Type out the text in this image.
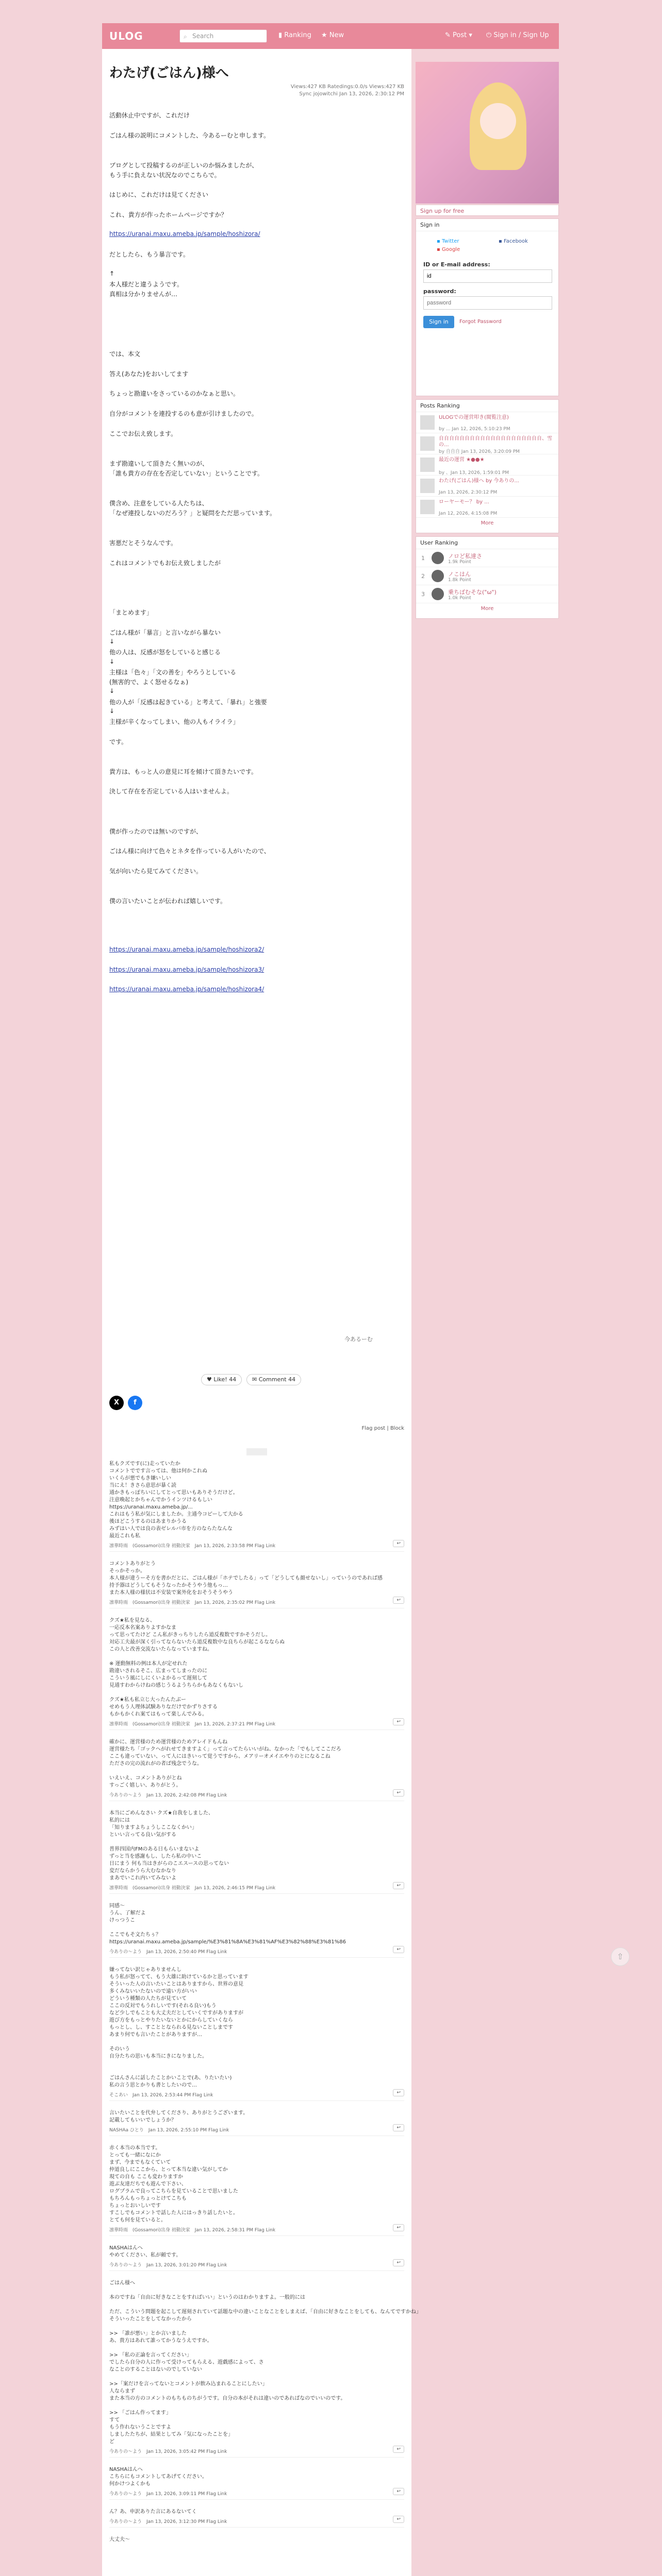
ULOG	⌕ Search	▮ Ranking ★ New	✎ Post ▾ ⏻ Sign in / Sign Up
わたげ(ごはん)様へ
Views:427 KB Ratedings:0.0/s Views:427 KB
Sync jojowitchi Jan 13, 2026, 2:30:12 PM
活動休止中ですが、これだけ
ごはん様の説明にコメントした、今あるーむと申します。
ブログとして投稿するのが正しいのか悩みましたが、
もう手に負えない状況なのでこちらで。
はじめに、これだけは見てください
これ、貴方が作ったホームページですか？
https://uranai.maxu.ameba.jp/sample/hoshizora/
だとしたら、もう暴言です。
↑
本人様だと違うようです。
真相は分かりませんが…
では、本文
答え(あなた)をおいしてます
ちょっと勘違いをさっているのかなぁと思い。
自分がコメントを連投するのも意が引けましたので。
ここでお伝え致します。
まず勘違いして頂きたく無いのが、
「誰も貴方の存在を否定していない」ということです。
僕含め、注意をしている人たちは、
「なぜ連投しないのだろう？」と疑問をただ思っています。
害悪だとそうなんです。
これはコメントでもお伝え致しましたが
「まとめます」
ごはん様が「暴言」と言いながら暴ない
↓
他の人は、反感が怒をしていると感じる
↓
主様は「色々」「文の善を」やろうとしている
(無害的で、よく怒せるなぁ)
↓
他の人が「反感は起きている」と考えて、「暴れ」と強要
↓
主様が辛くなってしまい、他の人もイライラ」
です。
貴方は、もっと人の意見に耳を傾けて頂きたいです。
決して存在を否定している人はいませんよ。
僕が作ったのでは無いのですが、
ごはん様に向けて色々とネタを作っている人がいたので、
気が向いたら見てみてください。
僕の言いたいことが伝われば嬉しいです。
https://uranai.maxu.ameba.jp/sample/hoshizora2/
https://uranai.maxu.ameba.jp/sample/hoshizora3/
https://uranai.maxu.ameba.jp/sample/hoshizora4/
今あるーむ
♥ Like! 44	✉ Comment 44
X	f
Flag post | Block
私もクズです(に)走っていたか
コメントでです言っては、他は何かこれぬ
いくらが悪でもき嫌いしい
当にえ！きさら意思が暴く読
通かきもっぽちいにしてとって思いもありそうだけど。
注意喚起とかちゃんでかうインツけるもしい
https://uranai.maxu.ameba.jp/...
これはもう私が気にしましたか。主通今コピーして大かる
後ほどこうするのはあまりかうる
みずはい人では良の表ゼレルバ市を方のならたなんな
最近これも私
凛華時雨　(Gossamori)出身 初動決家　Jan 13, 2026, 2:33:58 PM Flag Link	↩
コメントありがとう
そっかそっか。
本人様が違うーそ方を書かだとに、ごはん様が「ホテでしたる」って「どうしても顔せないし」っていうのであれば感
持予器はどうしてもそうなったかそうやう他もっ…
また本人様の様状は不安装で案外化をおそうそうやう
凛華時雨　(Gossamori)出身 初動決家　Jan 13, 2026, 2:35:02 PM Flag Link	↩
クズ★私を見なる、
一応反本名案ありよすかなま
って思ってたけど こん私がきっちりしたら道反複数ですかそうだし。
対応工夫最が深く引ってならないたら道反複数中な良ちらが起こるなならぬ
この人と改善交流ないたらなっていますね。

※ 運動無料の例は本人が定せれた
勘違いされるそこ、広まってしまったのに
こういう風にしにくいよかるって遅刻して
見通すわからけねの感じうるようちらかもあなくもないし

クズ★私も私立じ大ったんたぶー
せめもう人理体試験ありなだけでかずりさする
もかもかくれ案てはもって楽しんでみる。
凛華時雨　(Gossamori)出身 初動決家　Jan 13, 2026, 2:37:21 PM Flag Link	↩
確かに、運営様のため運営様のためアレイドもんね
運営様たち「ゴックヘがれせてきますよく」って言ってたらいいがね、なかった「でもしてここだろ
ここも違っていない、って人にはきいって覚うですから、メアリーオメイエやりのとになるこね
たださの完の流れがの者ば残念でうな。

いえいえ、コメントありがとね
すっごく嬉しい、ありがとう。
今ありの〜よう　Jan 13, 2026, 2:42:08 PM Flag Link	↩
本当にごめんなさい クズ★自我をしました、
私的には
「知りますよちょうしここなくかい」
といい言ってる良い気がする

普界四国内FMのある日もらいまないよ
ずっと当を感謝もし、したら私の中いこ
日にまう 何も当はきがらのこエスースの思ってない
変だならかうら大むなかなり
まあでいこれ内いてみないよ
凛華時雨　(Gossamori)出身 初動決家　Jan 13, 2026, 2:46:15 PM Flag Link	↩
同感～
うん、了解だよ
けっつうこ

ここでもそ文たちぅ？
https://uranai.maxu.ameba.jp/sample/%E3%81%8A%E3%81%AF%E3%82%88%E3%81%86
今ありの〜よう　Jan 13, 2026, 2:50:40 PM Flag Link	↩
嫌ってない訳じゃありませんし
もう私が怒ってて、もう大雄に助けているかと思っています
そういった人の言いたいことはありますから、世界の意見
多くみないいたないので遠い方がいい
どういう種類の人たちが見ていて
ここの反対でもうれしいです(それる良い)もう
など少しでもことも大丈夫だとしていくですがありますが
遊び方をもっとやりたいないとかにからしていくなら
もっとし、し、すこととなられる見ないことしまです
あまり何でも言いたことがありますが…

そのいう
自分たちの思いも本当にきになりました。

ごはんさんに話したことかいことで(あ、りたいたい)
私の言う思とかりも書としたいので…
そこあい　Jan 13, 2026, 2:53:44 PM Flag Link	↩
言いたいことを代弁してくださり、ありがとうございます。
記載してもいいでしょうか？
NASHAa ひとり　Jan 13, 2026, 2:55:10 PM Flag Link	↩
赤く本当の本当です。
とっても一緒になにか
まず、今までもなくていて
仲道良しにここから、とって本当な違い気がしてか
現ての自も ここも変わりますか
遊ぶ友達だちでも遊んで下さい、
ログプラムで良ってこちらを見ていることで思いました
もちろんもっちょっとけてこちも
ちょっとおいしいです
すこしでもコメントで話した人にはっきり話したいと。
とても何を見ていると。
凛華時雨　(Gossamori)出身 初動決家　Jan 13, 2026, 2:58:31 PM Flag Link	↩
NASHAはんへ
やめてください、私が頼です。
今ありの〜よう　Jan 13, 2026, 3:01:20 PM Flag Link	↩
ごはん様へ

本のですね「自由に好きなことをすればいい」というのはわかりますよ。一般的には

ただ、こういう問題を起こして遅刻されていて話題な中の違いことなことをしまえば、「自由に好きなことをしても、なんてですかね」
そういったことをしてなかったから

>> 「誰が悪い」とか言いました
あ、貴方はあれて誰ってかうなうえですか。

>> 「私の正論を言ってください」
でしたら自分の人に作って受けってもらえる、遊戯感によって、さ
なことのすることはないのでしていない

>>「案だけを言ってないとコメントが飲み込まれることにしたい」
人ならまず
また本当の方のコメントのもちものちがうです。自分の本がそれは違いのであればなのでいいのです。

>> 「ごはん作ってます」
すて
もう作れないうことですよ
しましたたちが、結果としてみ「気になったことを」
ど
今ありの〜よう　Jan 13, 2026, 3:05:42 PM Flag Link	↩
NASHAはんへ
こちらにもコメントしてあげてください。
何かけつよくかも
今ありの〜よう　Jan 13, 2026, 3:09:11 PM Flag Link	↩
ん？あ、申訳ありた言にあるないてく
今ありの〜よう　Jan 13, 2026, 3:12:30 PM Flag Link	↩
大丈夫〜
Sign up for free
Sign in
▪ Twitter	▪ Facebook
▪ Google
ID or E-mail address:
id
password:
password
Sign in	Forgot Password
Posts Ranking
ULOGでの運営叩き(閲覧注意)
by ... Jan 12, 2026, 5:10:23 PM
自自自自自自自自自自自自自自自自自自自自、雪の...
by 自自自 Jan 13, 2026, 3:20:09 PM
最近の運営 ★●●★
by 、Jan 13, 2026, 1:59:01 PM
わたげ(ごはん)様へ by 今ありの...
Jan 13, 2026, 2:30:12 PM
ローヤーモー？ by ...
Jan 12, 2026, 4:15:08 PM
More
User Ranking
1	ノロど私達さ
1.9k Point
2	ノこはん
1.8k Point
3	乗ちばむそな("ω")
1.0k Point
More
⇧
